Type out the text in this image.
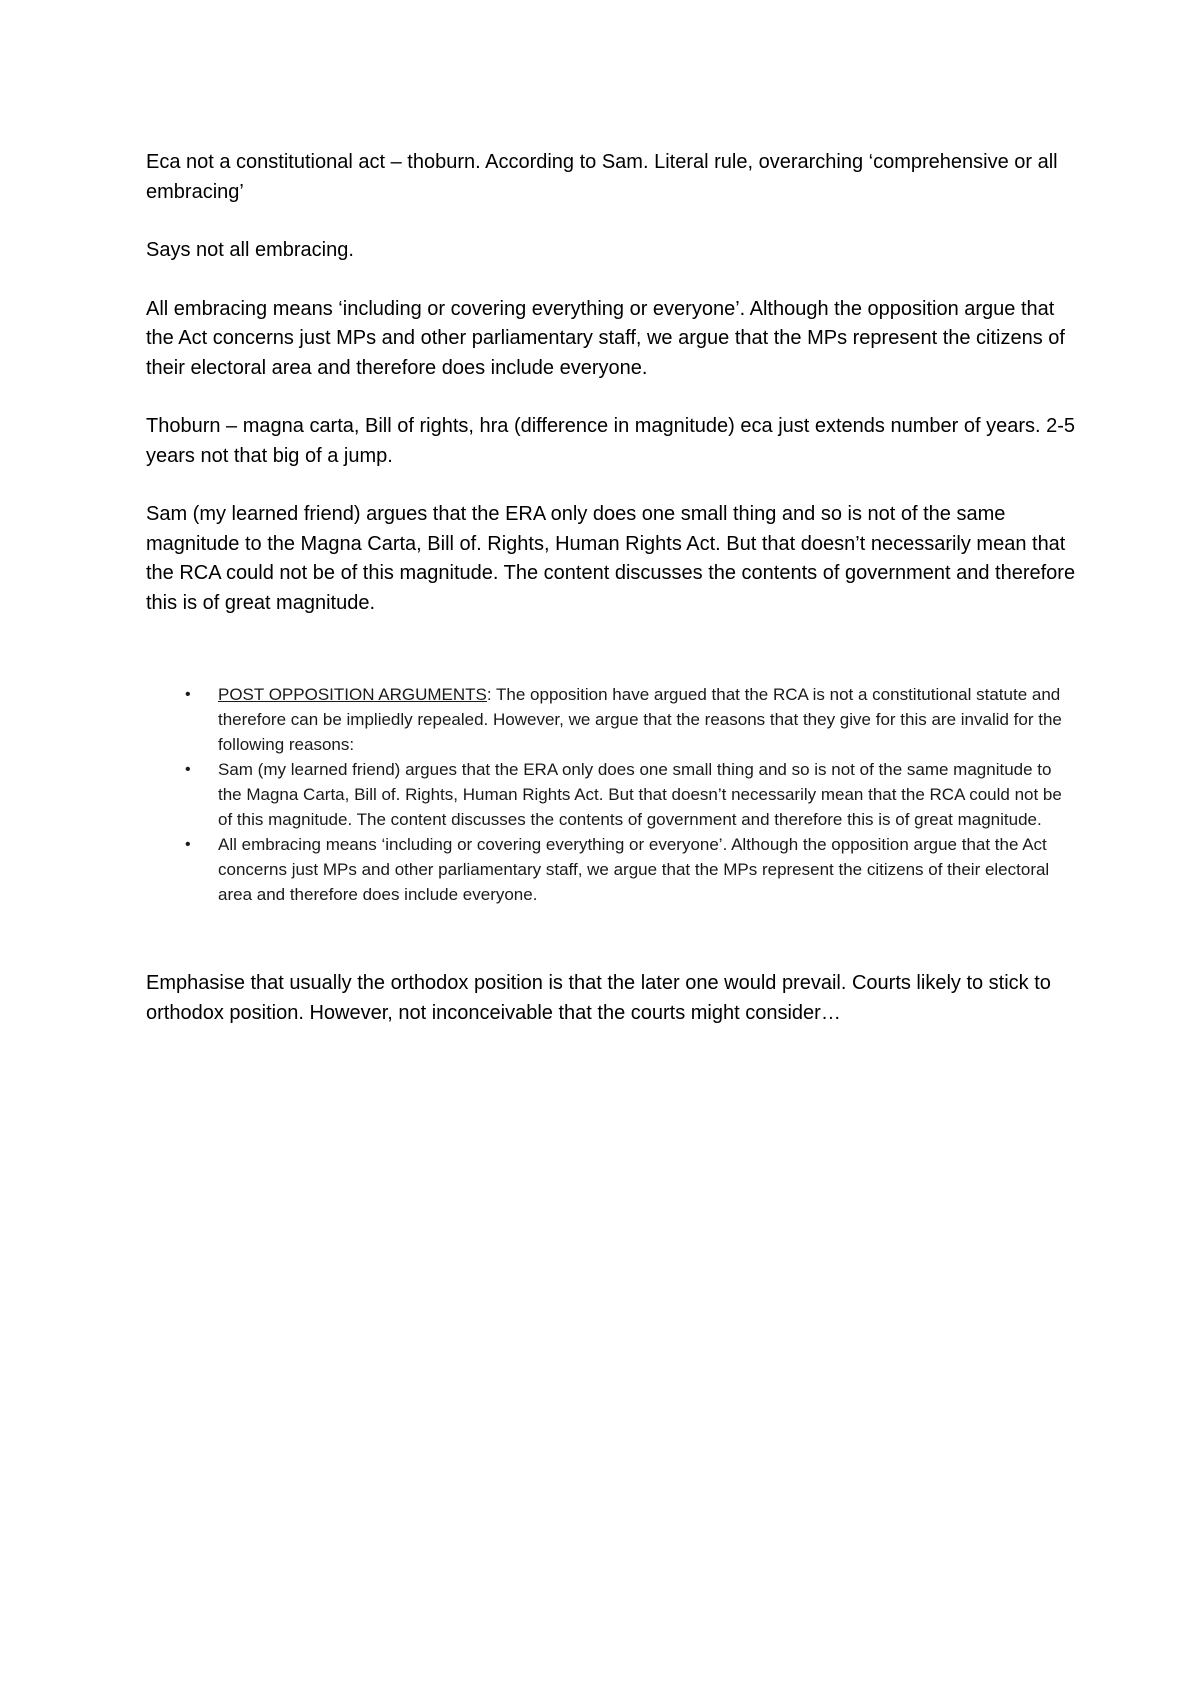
Eca not a constitutional act – thoburn. According to Sam. Literal rule, overarching ‘comprehensive or all embracing’

Says not all embracing.

All embracing means ‘including or covering everything or everyone’. Although the opposition argue that the Act concerns just MPs and other parliamentary staff, we argue that the MPs represent the citizens of their electoral area and therefore does include everyone.

Thoburn – magna carta, Bill of rights, hra (difference in magnitude) eca just extends number of years. 2-5 years not that big of a jump.

Sam (my learned friend) argues that the ERA only does one small thing and so is not of the same magnitude to the Magna Carta, Bill of. Rights, Human Rights Act. But that doesn’t necessarily mean that the RCA could not be of this magnitude. The content discusses the contents of government and therefore this is of great magnitude.

• POST OPPOSITION ARGUMENTS: The opposition have argued that the RCA is not a constitutional statute and therefore can be impliedly repealed. However, we argue that the reasons that they give for this are invalid for the following reasons:
• Sam (my learned friend) argues that the ERA only does one small thing and so is not of the same magnitude to the Magna Carta, Bill of. Rights, Human Rights Act. But that doesn’t necessarily mean that the RCA could not be of this magnitude. The content discusses the contents of government and therefore this is of great magnitude.
• All embracing means ‘including or covering everything or everyone’. Although the opposition argue that the Act concerns just MPs and other parliamentary staff, we argue that the MPs represent the citizens of their electoral area and therefore does include everyone.

Emphasise that usually the orthodox position is that the later one would prevail. Courts likely to stick to orthodox position. However, not inconceivable that the courts might consider…
